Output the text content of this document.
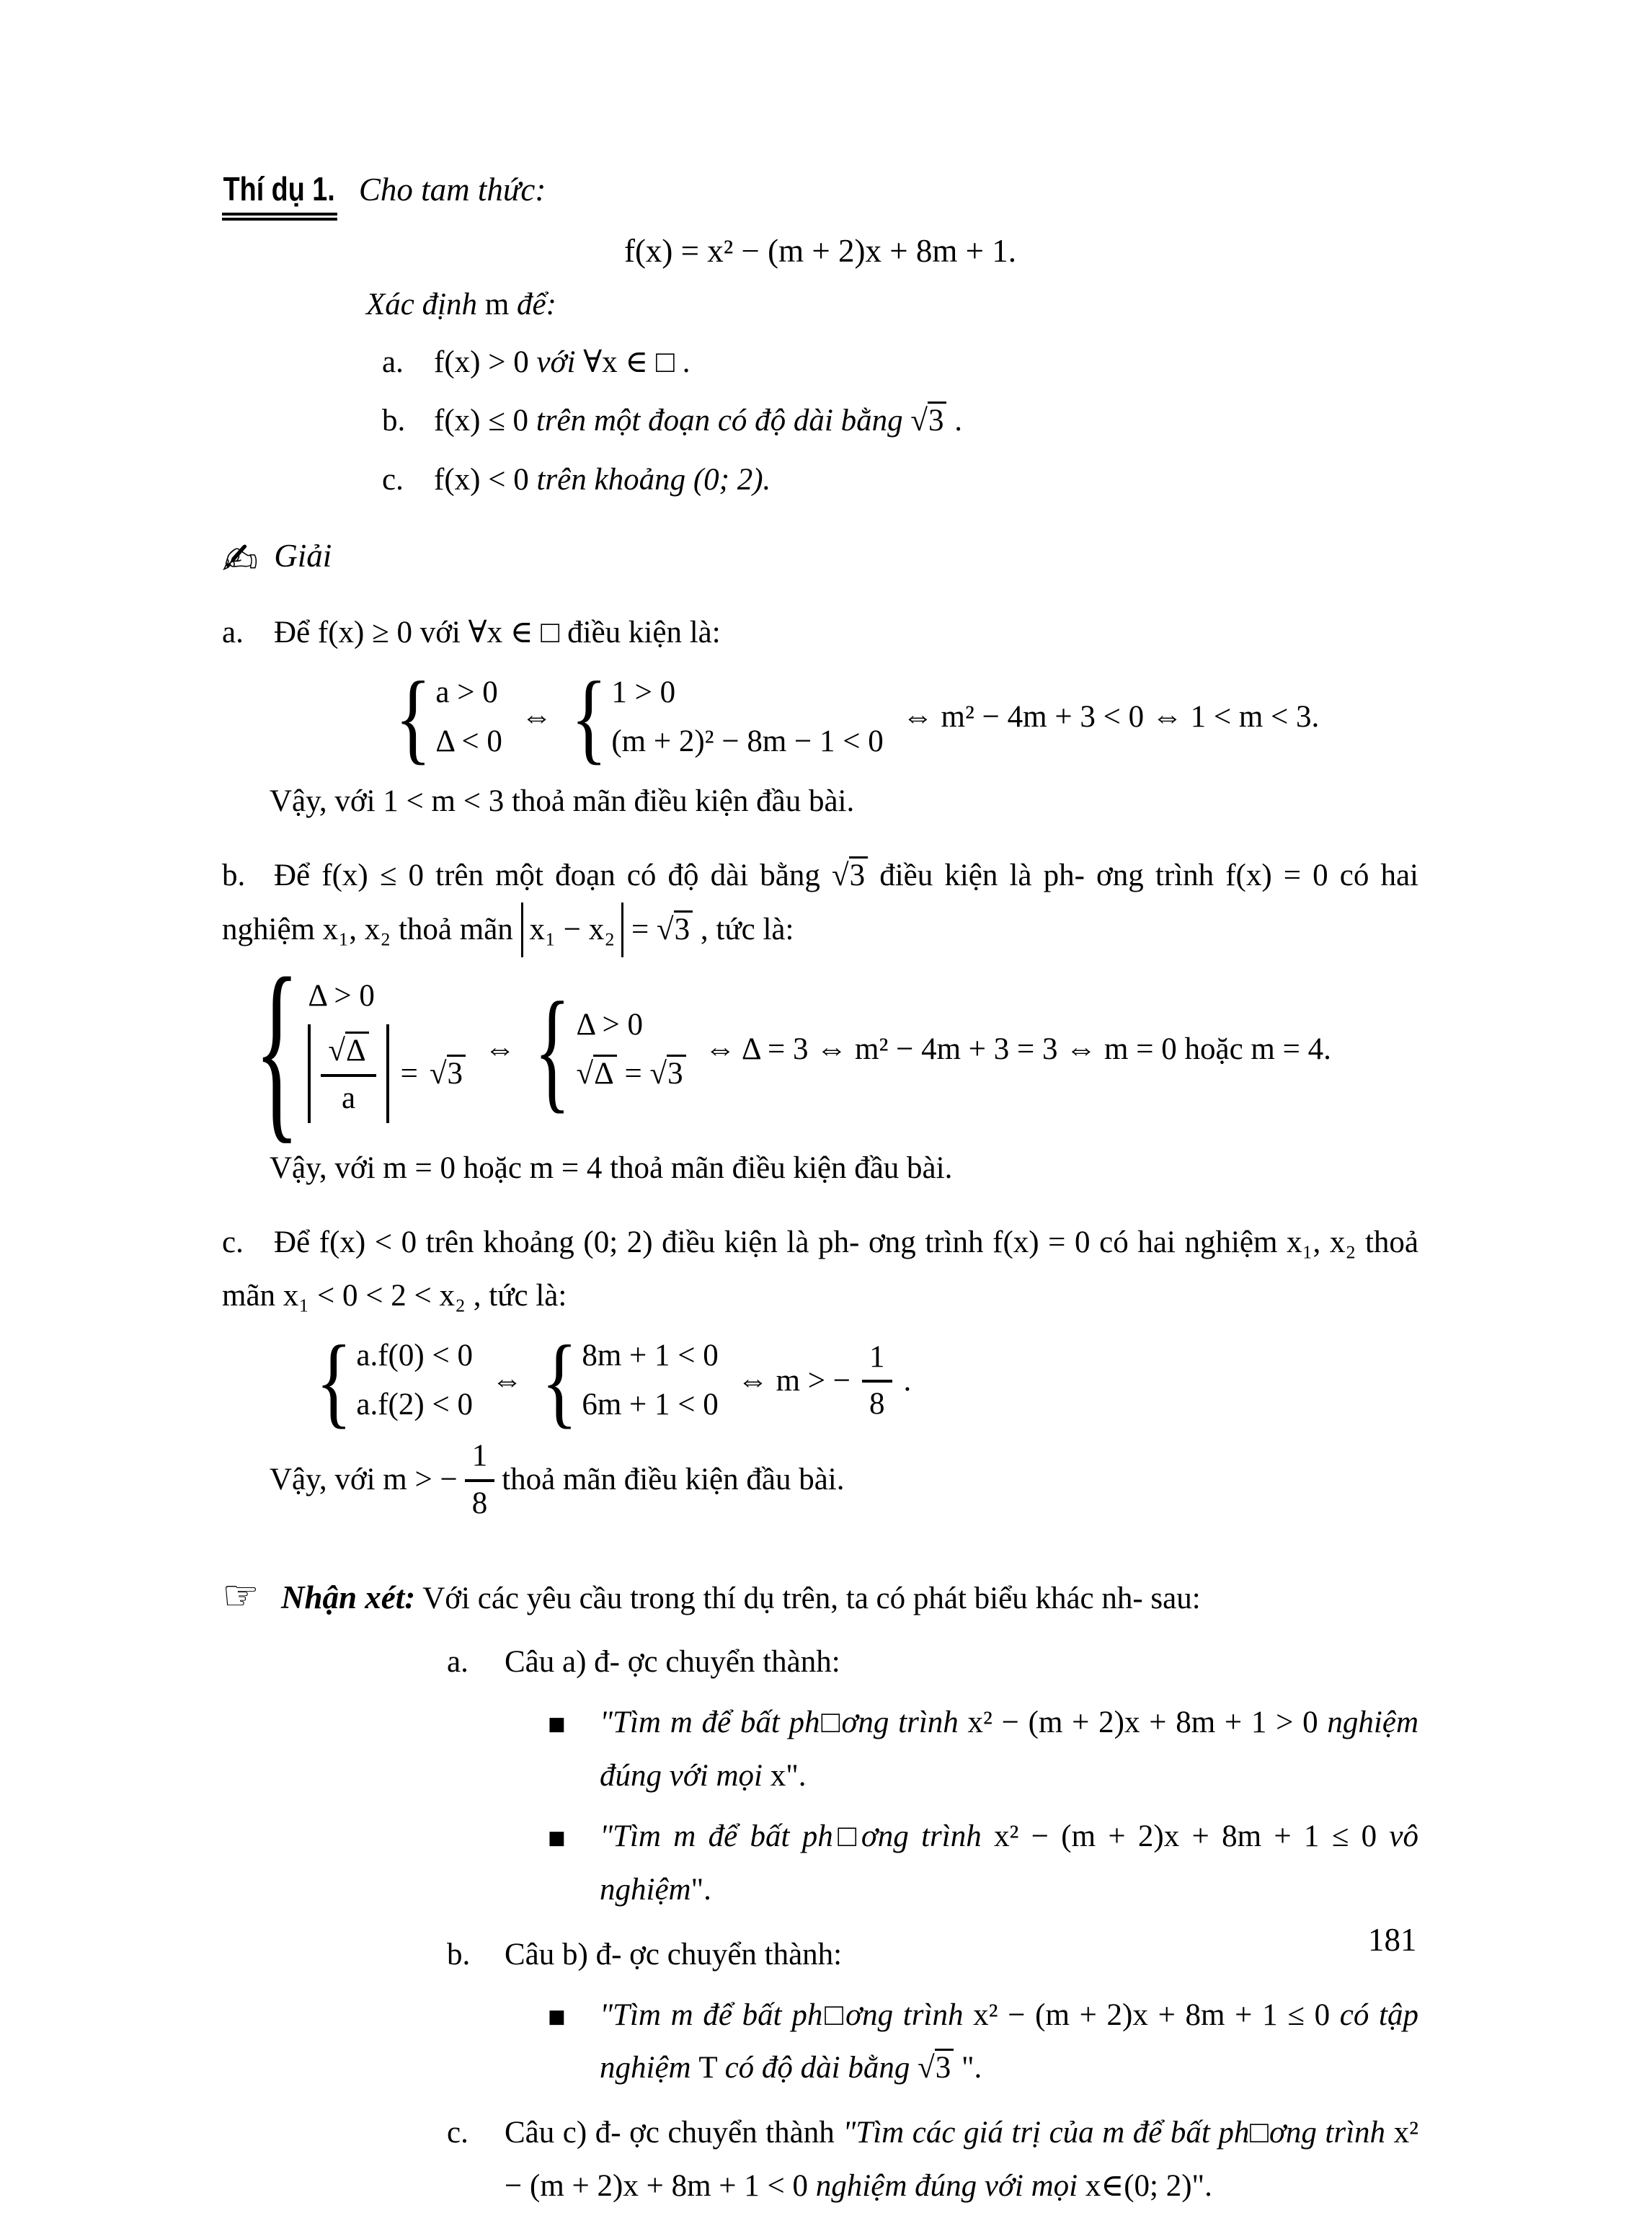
Thí dụ 1. Cho tam thức:

f(x) = x² − (m + 2)x + 8m + 1.

Xác định m để:

a. f(x) > 0 với ∀x ∈ □ .

b. f(x) ≤ 0 trên một đoạn có độ dài bằng √3 .

c. f(x) < 0 trên khoảng (0; 2).

✍ Giải

a. Để f(x) ≥ 0 với ∀x ∈ □ điều kiện là:

{ a > 0
Δ < 0
⇔ { 1 > 0
(m + 2)² − 8m − 1 < 0
⇔ m² − 4m + 3 < 0 ⇔ 1 < m < 3.

Vậy, với 1 < m < 3 thoả mãn điều kiện đầu bài.

b. Để f(x) ≤ 0 trên một đoạn có độ dài bằng √3 điều kiện là ph- ơng trình f(x) = 0 có hai nghiệm x₁, x₂ thoả mãn x₁ − x₂ = √3 , tức là:

{ Δ > 0
$\frac{√\Delta}{a} = √3$
⇔ { Δ > 0
√Δ = √3
⇔ Δ = 3 ⇔ m² − 4m + 3 = 3 ⇔ m = 0 hoặc m = 4.

Vậy, với m = 0 hoặc m = 4 thoả mãn điều kiện đầu bài.

c. Để f(x) < 0 trên khoảng (0; 2) điều kiện là ph- ơng trình f(x) = 0 có hai nghiệm x₁, x₂ thoả mãn x₁ < 0 < 2 < x₂ , tức là:

{ a.f(0) < 0
a.f(2) < 0
⇔ { 8m + 1 < 0
6m + 1 < 0
⇔ m > − $\frac{1}{8}$ .

Vậy, với m > − $\frac{1}{8}$ thoả mãn điều kiện đầu bài.

☞ Nhận xét: Với các yêu cầu trong thí dụ trên, ta có phát biểu khác nh- sau:

a.	Câu a) đ- ợc chuyển thành:

■	"Tìm m để bất ph□ơng trình x² − (m + 2)x + 8m + 1 > 0 nghiệm đúng với mọi x".

■	"Tìm m để bất ph□ơng trình x² − (m + 2)x + 8m + 1 ≤ 0 vô nghiệm".

b.	Câu b) đ- ợc chuyển thành:

■	"Tìm m để bất ph□ơng trình x² − (m + 2)x + 8m + 1 ≤ 0 có tập nghiệm T có độ dài bằng √3 ".

c.	Câu c) đ- ợc chuyển thành "Tìm các giá trị của m để bất ph□ơng trình x² − (m + 2)x + 8m + 1 < 0 nghiệm đúng với mọi x∈(0; 2)".

181
